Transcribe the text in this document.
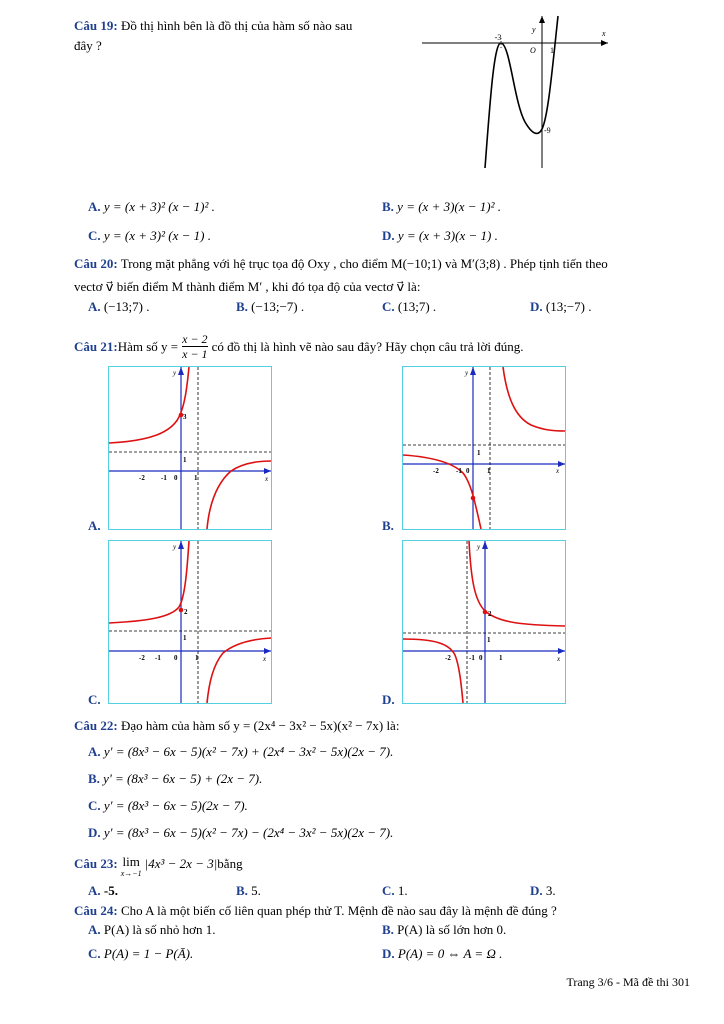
Câu 19: Đồ thị hình bên là đồ thị của hàm số nào sau
đây ?
-3
y	x
O 1
-9
A. y = (x + 3)² (x − 1)² .	B. y = (x + 3)(x − 1)² .
C. y = (x + 3)² (x − 1) .	D. y = (x + 3)(x − 1) .
Câu 20: Trong mặt phẳng với hệ trục tọa độ Oxy , cho điểm M(−10;1) và M′(3;8) . Phép tịnh tiến theo
vectơ v⃗ biến điểm M thành điểm M′ , khi đó tọa độ của vectơ v⃗ là:
A. (−13;7) .	B. (−13;−7) .	C. (13;7) .	D. (13;−7) .
Câu 21: Hàm số $y = \frac{x - 2}{x - 1}$ có đồ thị là hình vẽ nào sau đây? Hãy chọn câu trả lời đúng.
A.
y
x
3
1
-2 -1 0 1
B.
y
x
1
-2 -1 0	1
C.
y
x
2
1
-2 -1 0	1
D.
y
x
2
1
-2	-1 0 1
Câu 22: Đạo hàm của hàm số y = (2x⁴ − 3x² − 5x)(x² − 7x) là:
A. y' = (8x³ − 6x − 5)(x² − 7x) + (2x⁴ − 3x² − 5x)(2x − 7).
B. y' = (8x³ − 6x − 5) + (2x − 7).
C. y' = (8x³ − 6x − 5)(2x − 7).
D. y' = (8x³ − 6x − 5)(x² − 7x) − (2x⁴ − 3x² − 5x)(2x − 7).
Câu 23: lim
x→−1
|4x³ − 2x − 3| bằng
A. -5.	B. 5.	C. 1.	D. 3.
Câu 24: Cho A là một biến cố liên quan phép thử T. Mệnh đề nào sau đây là mệnh đề đúng ?
A. P(A) là số nhỏ hơn 1.	B. P(A) là số lớn hơn 0.
C. P(A) = 1 − P(Ā).	D. P(A) = 0 ⇔ A = Ω .
Trang 3/6 - Mã đề thi 301
